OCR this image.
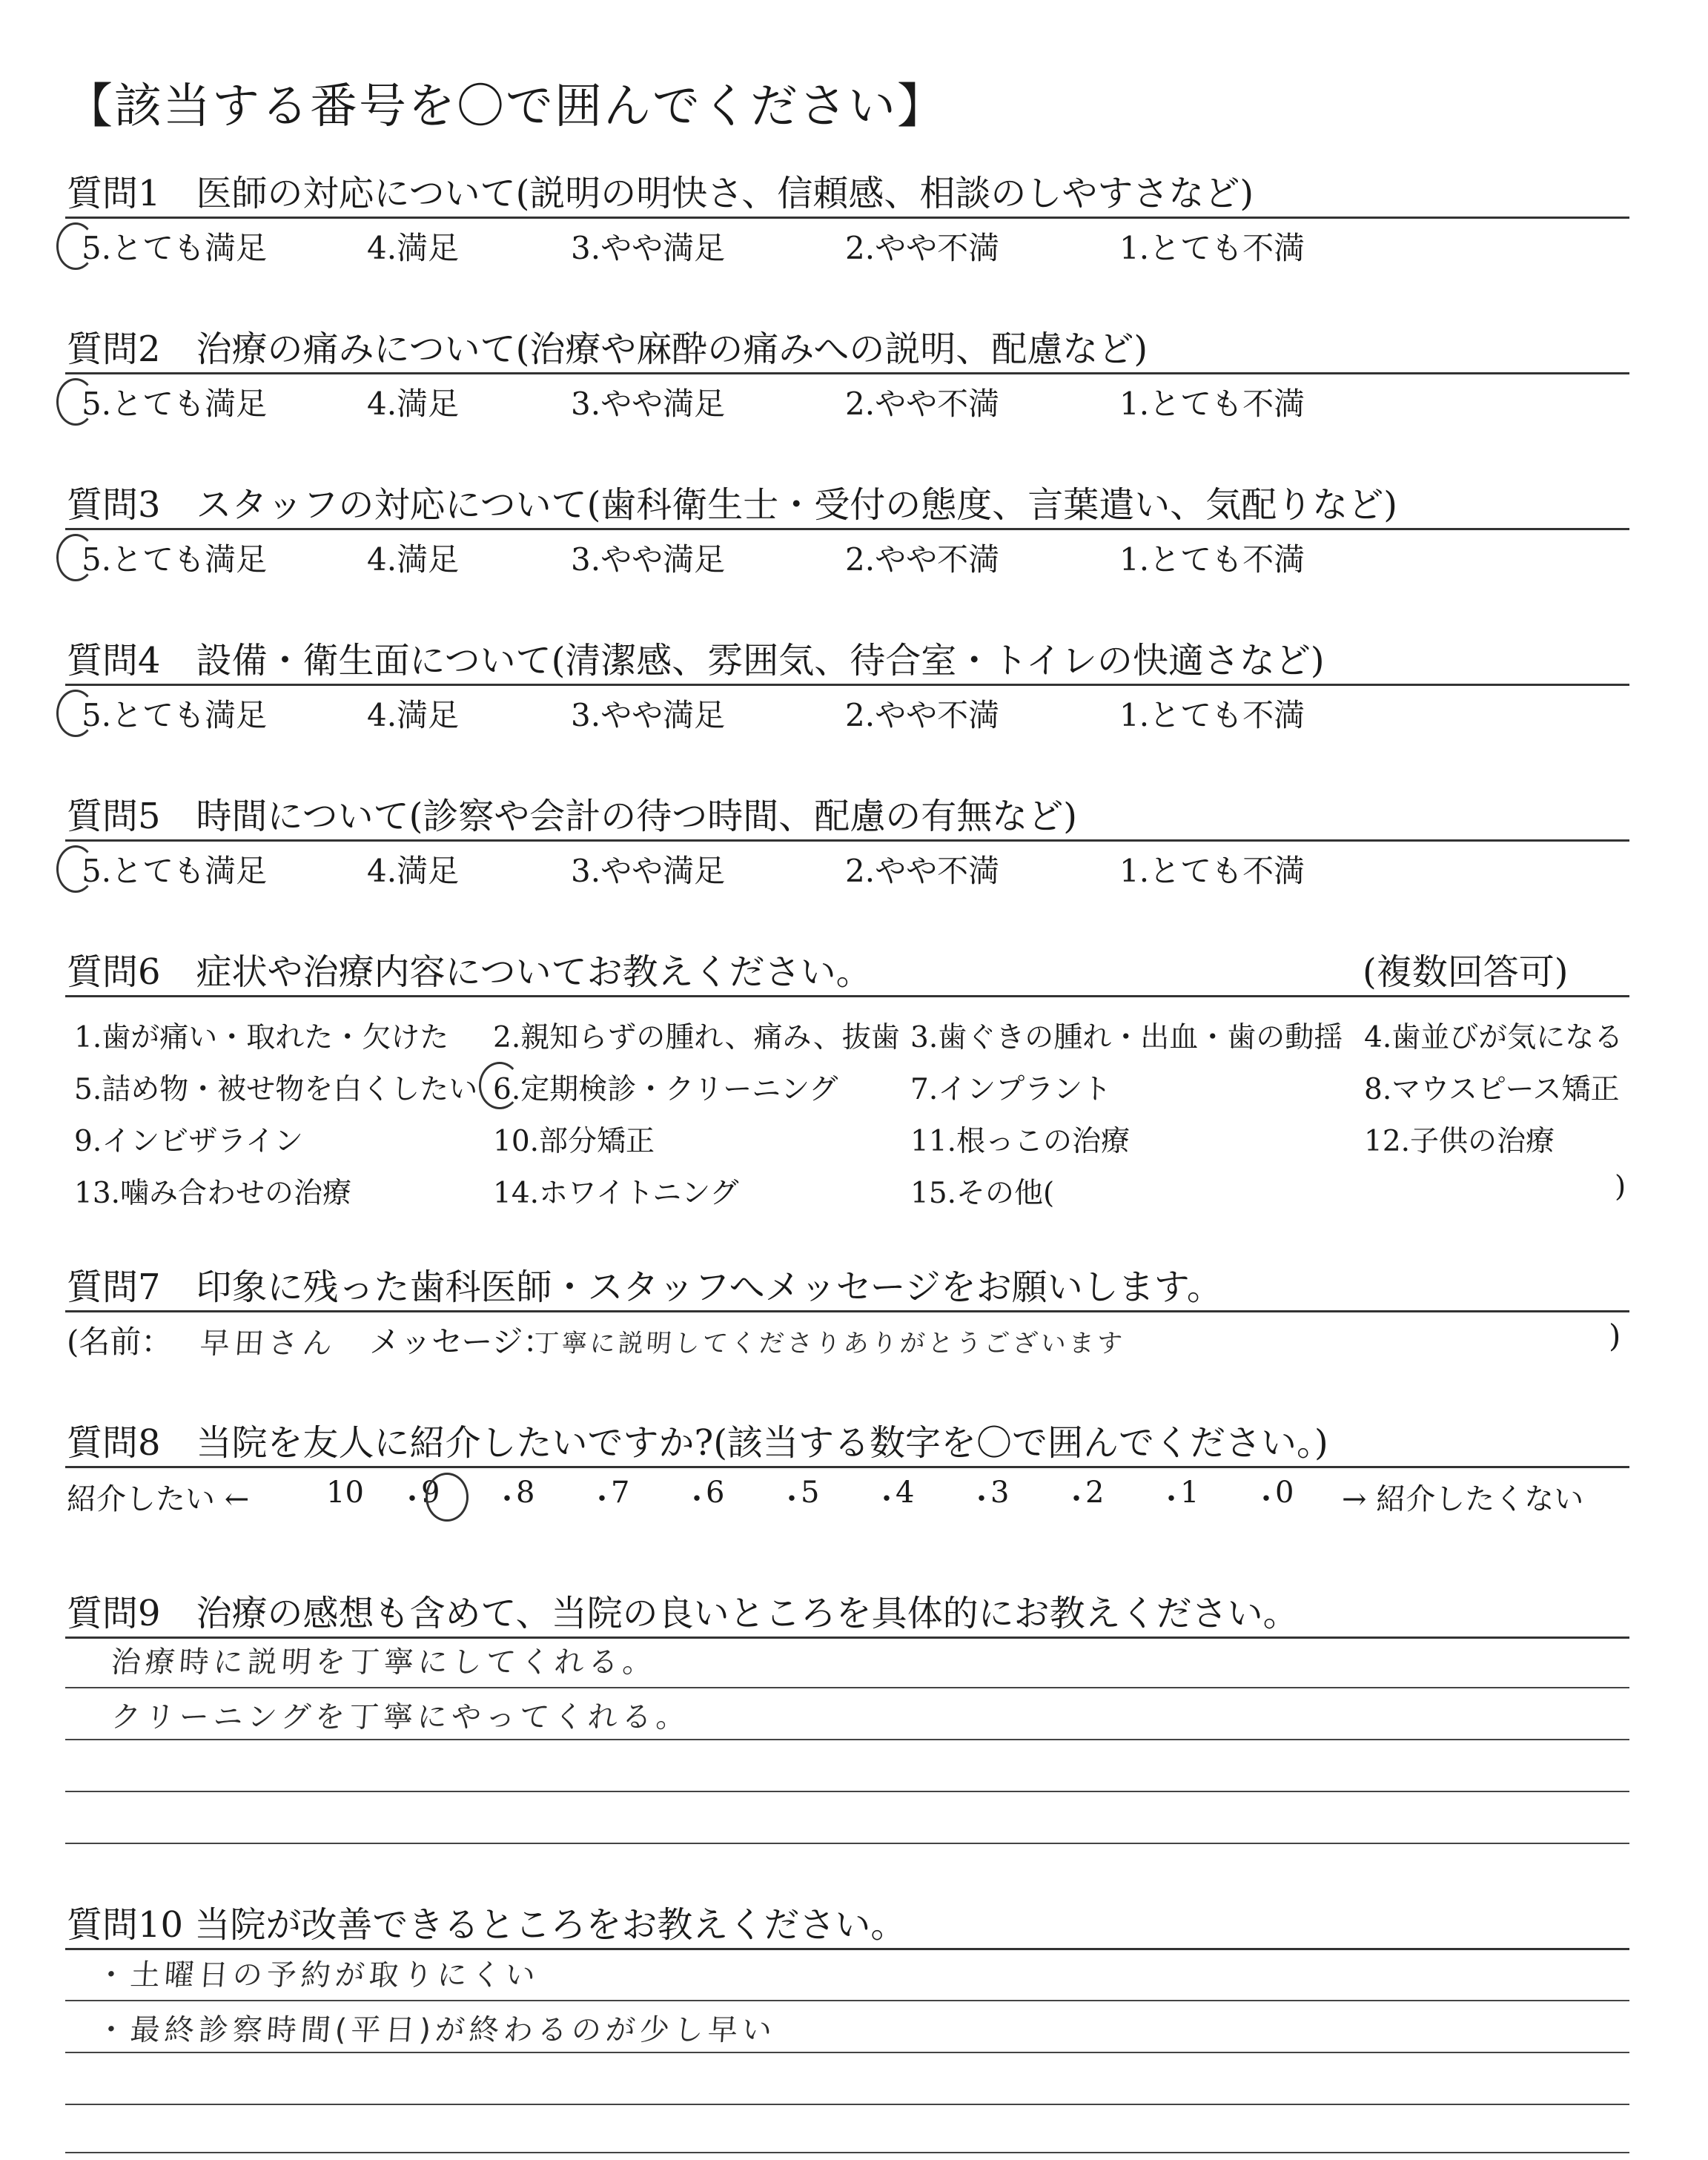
【該当する番号を〇で囲んでください】
質問1　医師の対応について(説明の明快さ、信頼感、相談のしやすさなど)
質問2　治療の痛みについて(治療や麻酔の痛みへの説明、配慮など)
質問3　スタッフの対応について(歯科衛生士・受付の態度、言葉遣い、気配りなど)
質問4　設備・衛生面について(清潔感、雰囲気、待合室・トイレの快適さなど)
質問5　時間について(診察や会計の待つ時間、配慮の有無など)
5.とても満足	4.満足	3.やや満足	2.やや不満	1.とても不満
5.とても満足	4.満足	3.やや満足	2.やや不満	1.とても不満
5.とても満足	4.満足	3.やや満足	2.やや不満	1.とても不満
5.とても満足	4.満足	3.やや満足	2.やや不満	1.とても不満
5.とても満足	4.満足	3.やや満足	2.やや不満	1.とても不満
質問6　症状や治療内容についてお教えください。	(複数回答可)
1.歯が痛い・取れた・欠けた 2.親知らずの腫れ、痛み、抜歯 3.歯ぐきの腫れ・出血・歯の動揺 4.歯並びが気になる
5.詰め物・被せ物を白くしたい 6.定期検診・クリーニング	7.インプラント	8.マウスピース矯正
9.インビザライン	10.部分矯正	11.根っこの治療	12.子供の治療
13.噛み合わせの治療	14.ホワイトニング	15.その他(	)
質問7　印象に残った歯科医師・スタッフへメッセージをお願いします。
(名前： 早田さん メッセージ：
丁寧に説明してくださりありがとうございます	)
質問8　当院を友人に紹介したいですか?(該当する数字を〇で囲んでください。)
紹介したい ←	10 ・
9 ・
8 ・
7 ・
6 ・
5 ・
4 ・
3 ・
2 ・
1 ・
0 → 紹介したくない
質問9　治療の感想も含めて、当院の良いところを具体的にお教えください。
治療時に説明を丁寧にしてくれる。
クリーニングを丁寧にやってくれる。
質問10 当院が改善できるところをお教えください。
・土曜日の予約が取りにくい
・最終診察時間(平日)が終わるのが少し早い
